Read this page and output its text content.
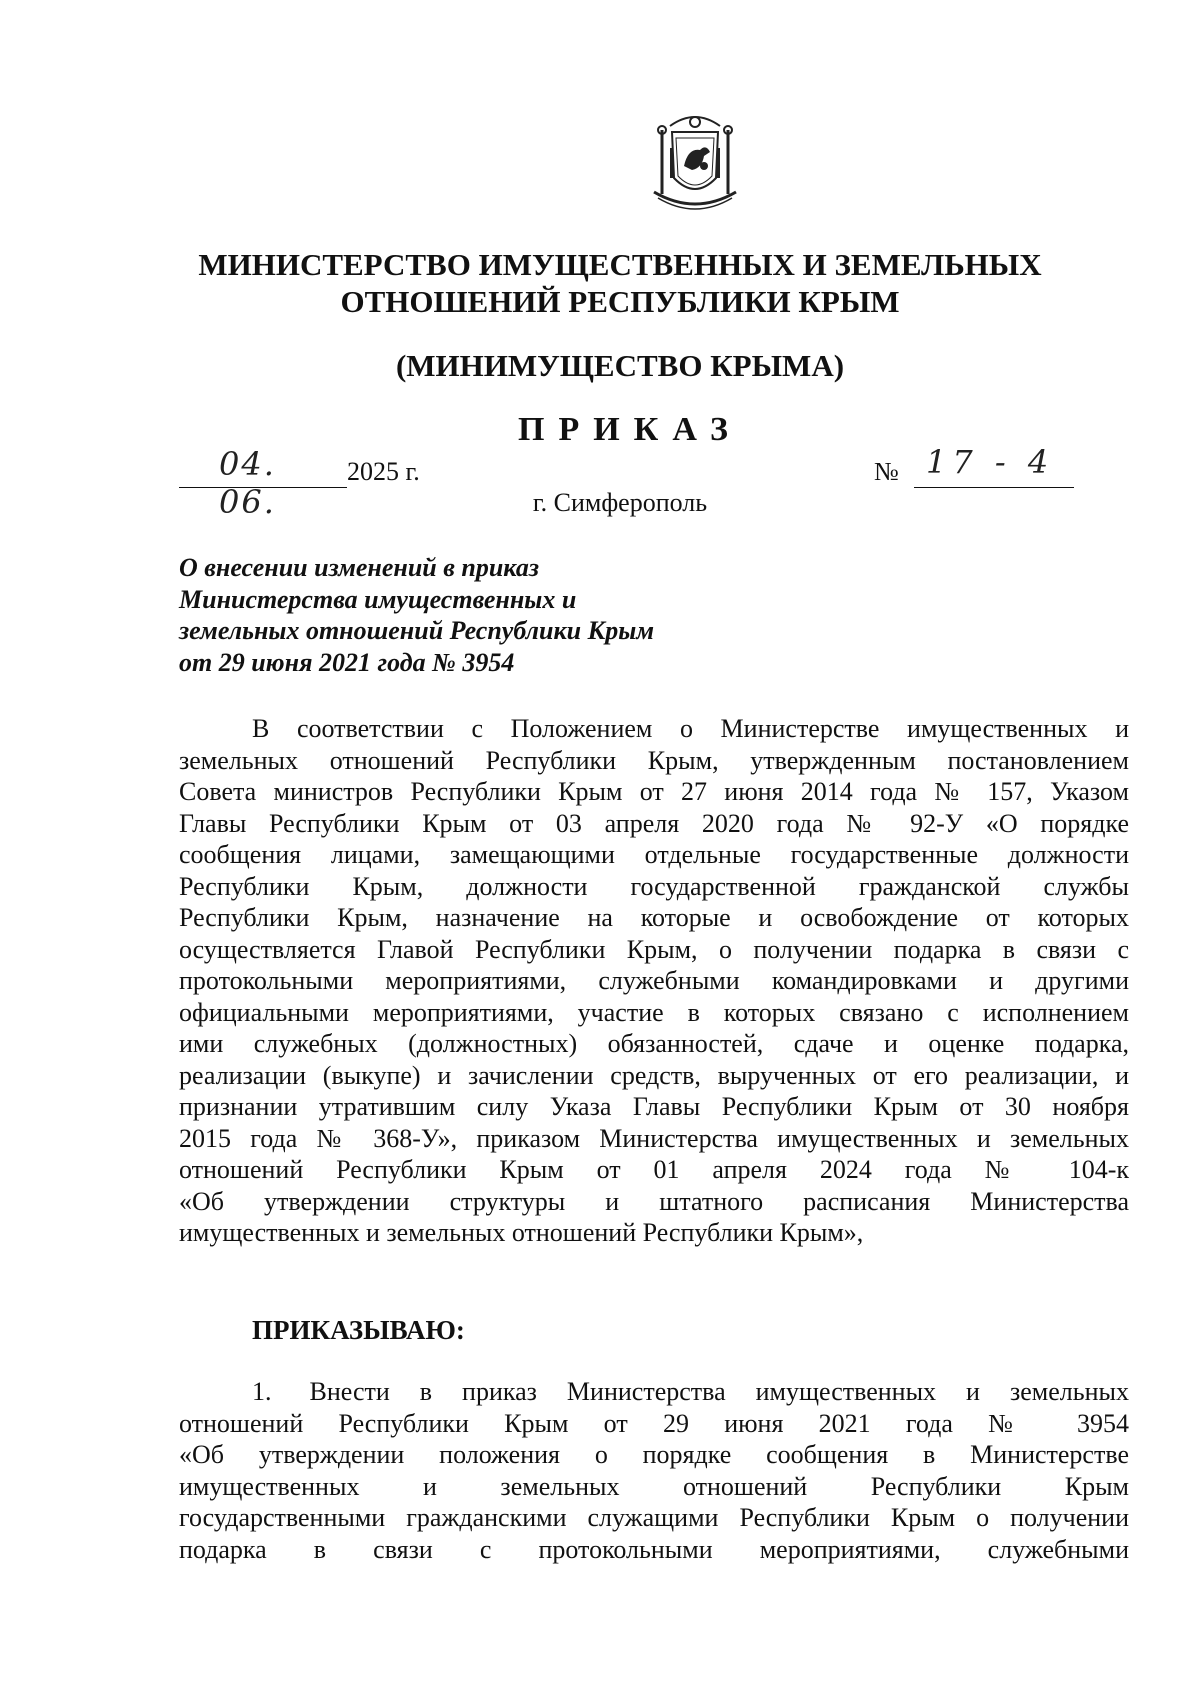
МИНИСТЕРСТВО ИМУЩЕСТВЕННЫХ И ЗЕМЕЛЬНЫХ
ОТНОШЕНИЙ РЕСПУБЛИКИ КРЫМ
(МИНИМУЩЕСТВО КРЫМА)
ПРИКАЗ
04. 06.
2025 г.	№ 17 - 4
г. Симферополь
О внесении изменений в приказ
Министерства имущественных и
земельных отношений Республики Крым
от 29 июня 2021 года № 3954
В соответствии с Положением о Министерстве имущественных и
земельных отношений Республики Крым, утвержденным постановлением
Совета министров Республики Крым от 27 июня 2014 года № 157, Указом
Главы Республики Крым от 03 апреля 2020 года № 92-У «О порядке
сообщения лицами, замещающими отдельные государственные должности
Республики Крым, должности государственной гражданской службы
Республики Крым, назначение на которые и освобождение от которых
осуществляется Главой Республики Крым, о получении подарка в связи с
протокольными мероприятиями, служебными командировками и другими
официальными мероприятиями, участие в которых связано с исполнением
ими служебных (должностных) обязанностей, сдаче и оценке подарка,
реализации (выкупе) и зачислении средств, вырученных от его реализации, и
признании утратившим силу Указа Главы Республики Крым от 30 ноября
2015 года № 368-У», приказом Министерства имущественных и земельных
отношений Республики Крым от 01 апреля 2024 года № 104-к
«Об утверждении структуры и штатного расписания Министерства
имущественных и земельных отношений Республики Крым»,
ПРИКАЗЫВАЮ:
1. Внести в приказ Министерства имущественных и земельных
отношений Республики Крым от 29 июня 2021 года № 3954
«Об утверждении положения о порядке сообщения в Министерстве
имущественных и земельных отношений Республики Крым
государственными гражданскими служащими Республики Крым о получении
подарка в связи с протокольными мероприятиями, служебными
